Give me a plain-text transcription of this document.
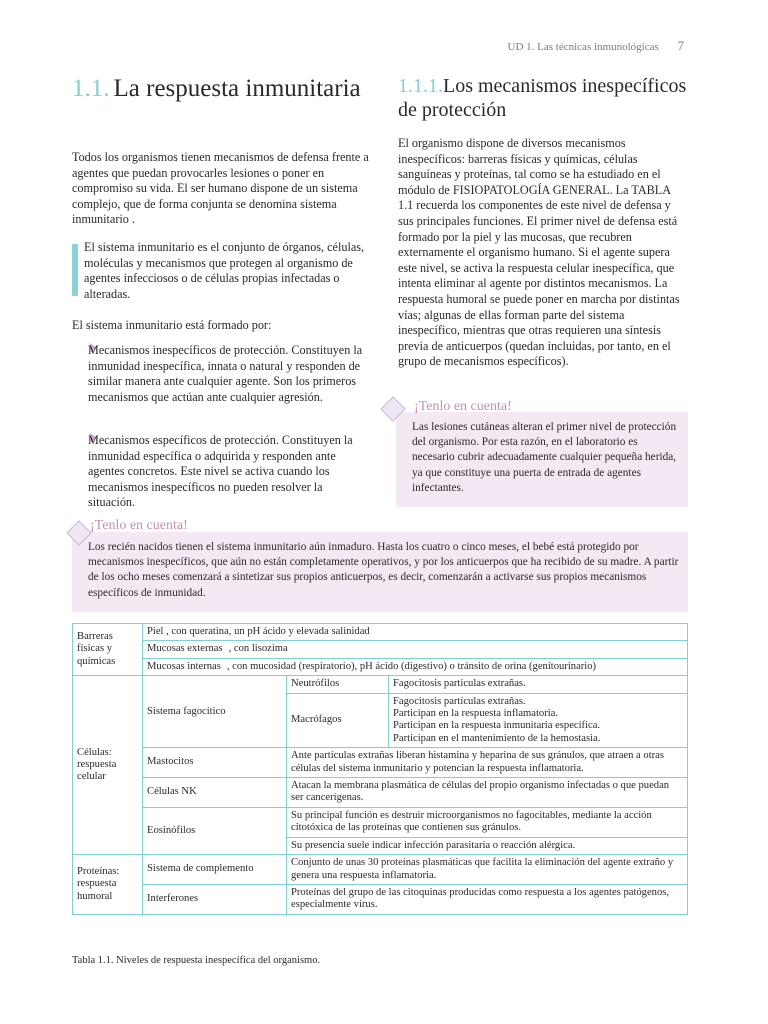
UD 1. Las técnicas inmunológicas 7
1.1. La respuesta inmunitaria	1.1.1.Los mecanismos inespecíficos de protección
Todos los organismos tienen mecanismos de defensa frente a agentes que puedan provocarles lesiones o poner en compromiso su vida. El ser humano dispone de un sistema complejo, que de forma conjunta se denomina sistema inmunitario .
El sistema inmunitario es el conjunto de órganos, células, moléculas y mecanismos que protegen al organismo de agentes infecciosos o de células propias infectadas o alteradas.
El sistema inmunitario está formado por:
Mecanismos inespecíficos de protección. Constituyen la inmunidad inespecífica, innata o natural y responden de similar manera ante cualquier agente. Son los primeros mecanismos que actúan ante cualquier agresión.
Mecanismos específicos de protección. Constituyen la inmunidad específica o adquirida y responden ante agentes concretos. Este nivel se activa cuando los mecanismos inespecíficos no pueden resolver la situación.
El organismo dispone de diversos mecanismos inespecíficos: barreras físicas y químicas, células sanguíneas y proteínas, tal como se ha estudiado en el módulo de FISIOPATOLOGÍA GENERAL. La TABLA 1.1 recuerda los componentes de este nivel de defensa y sus principales funciones. El primer nivel de defensa está formado por la piel y las mucosas, que recubren externamente el organismo humano. Si el agente supera este nivel, se activa la respuesta celular inespecífica, que intenta eliminar al agente por distintos mecanismos. La respuesta humoral se puede poner en marcha por distintas vías; algunas de ellas forman parte del sistema inespecífico, mientras que otras requieren una síntesis previa de anticuerpos (quedan incluidas, por tanto, en el grupo de mecanismos específicos).
¡Tenlo en cuenta!
Las lesiones cutáneas alteran el primer nivel de protección del organismo. Por esta razón, en el laboratorio es necesario cubrir adecuadamente cualquier pequeña herida, ya que constituye una puerta de entrada de agentes infectantes.
¡Tenlo en cuenta!
Los recién nacidos tienen el sistema inmunitario aún inmaduro. Hasta los cuatro o cinco meses, el bebé está protegido por mecanismos inespecíficos, que aún no están completamente operativos, y por los anticuerpos que ha recibido de su madre. A partir de los ocho meses comenzará a sintetizar sus propios anticuerpos, es decir, comenzarán a activarse sus propios mecanismos específicos de inmunidad.
Barreras físicas y químicas	Piel , con queratina, un pH ácido y elevada salinidad		
	Mucosas externas , con lisozima		
	Mucosas internas , con mucosidad (respiratorio), pH ácido (digestivo) o tránsito de orina (genitourinario)		
Células: respuesta celular	Sistema fagocítico	Neutrófilos	Fagocitosis partículas extrañas.
		Macrófagos	Fagocitosis partículas extrañas.
Participan en la respuesta inflamatoria.
Participan en la respuesta inmunitaria específica.
Participan en el mantenimiento de la hemostasia.

	Mastocitos	Ante partículas extrañas liberan histamina y heparina de sus gránulos, que atraen a otras células del sistema inmunitario y potencian la respuesta inflamatoria.	
	Células NK	Atacan la membrana plasmática de células del propio organismo infectadas o que puedan ser cancerígenas.	
	Eosinófilos	Su principal función es destruir microorganismos no fagocitables, mediante la acción citotóxica de las proteínas que contienen sus gránulos.	
		Su presencia suele indicar infección parasitaria o reacción alérgica.	
Proteínas: respuesta humoral	Sistema de complemento	Conjunto de unas 30 proteínas plasmáticas que facilita la eliminación del agente extraño y genera una respuesta inflamatoria.	
	Interferones	Proteínas del grupo de las citoquinas producidas como respuesta a los agentes patógenos, especialmente virus.	
Tabla 1.1. Niveles de respuesta inespecífica del organismo.
